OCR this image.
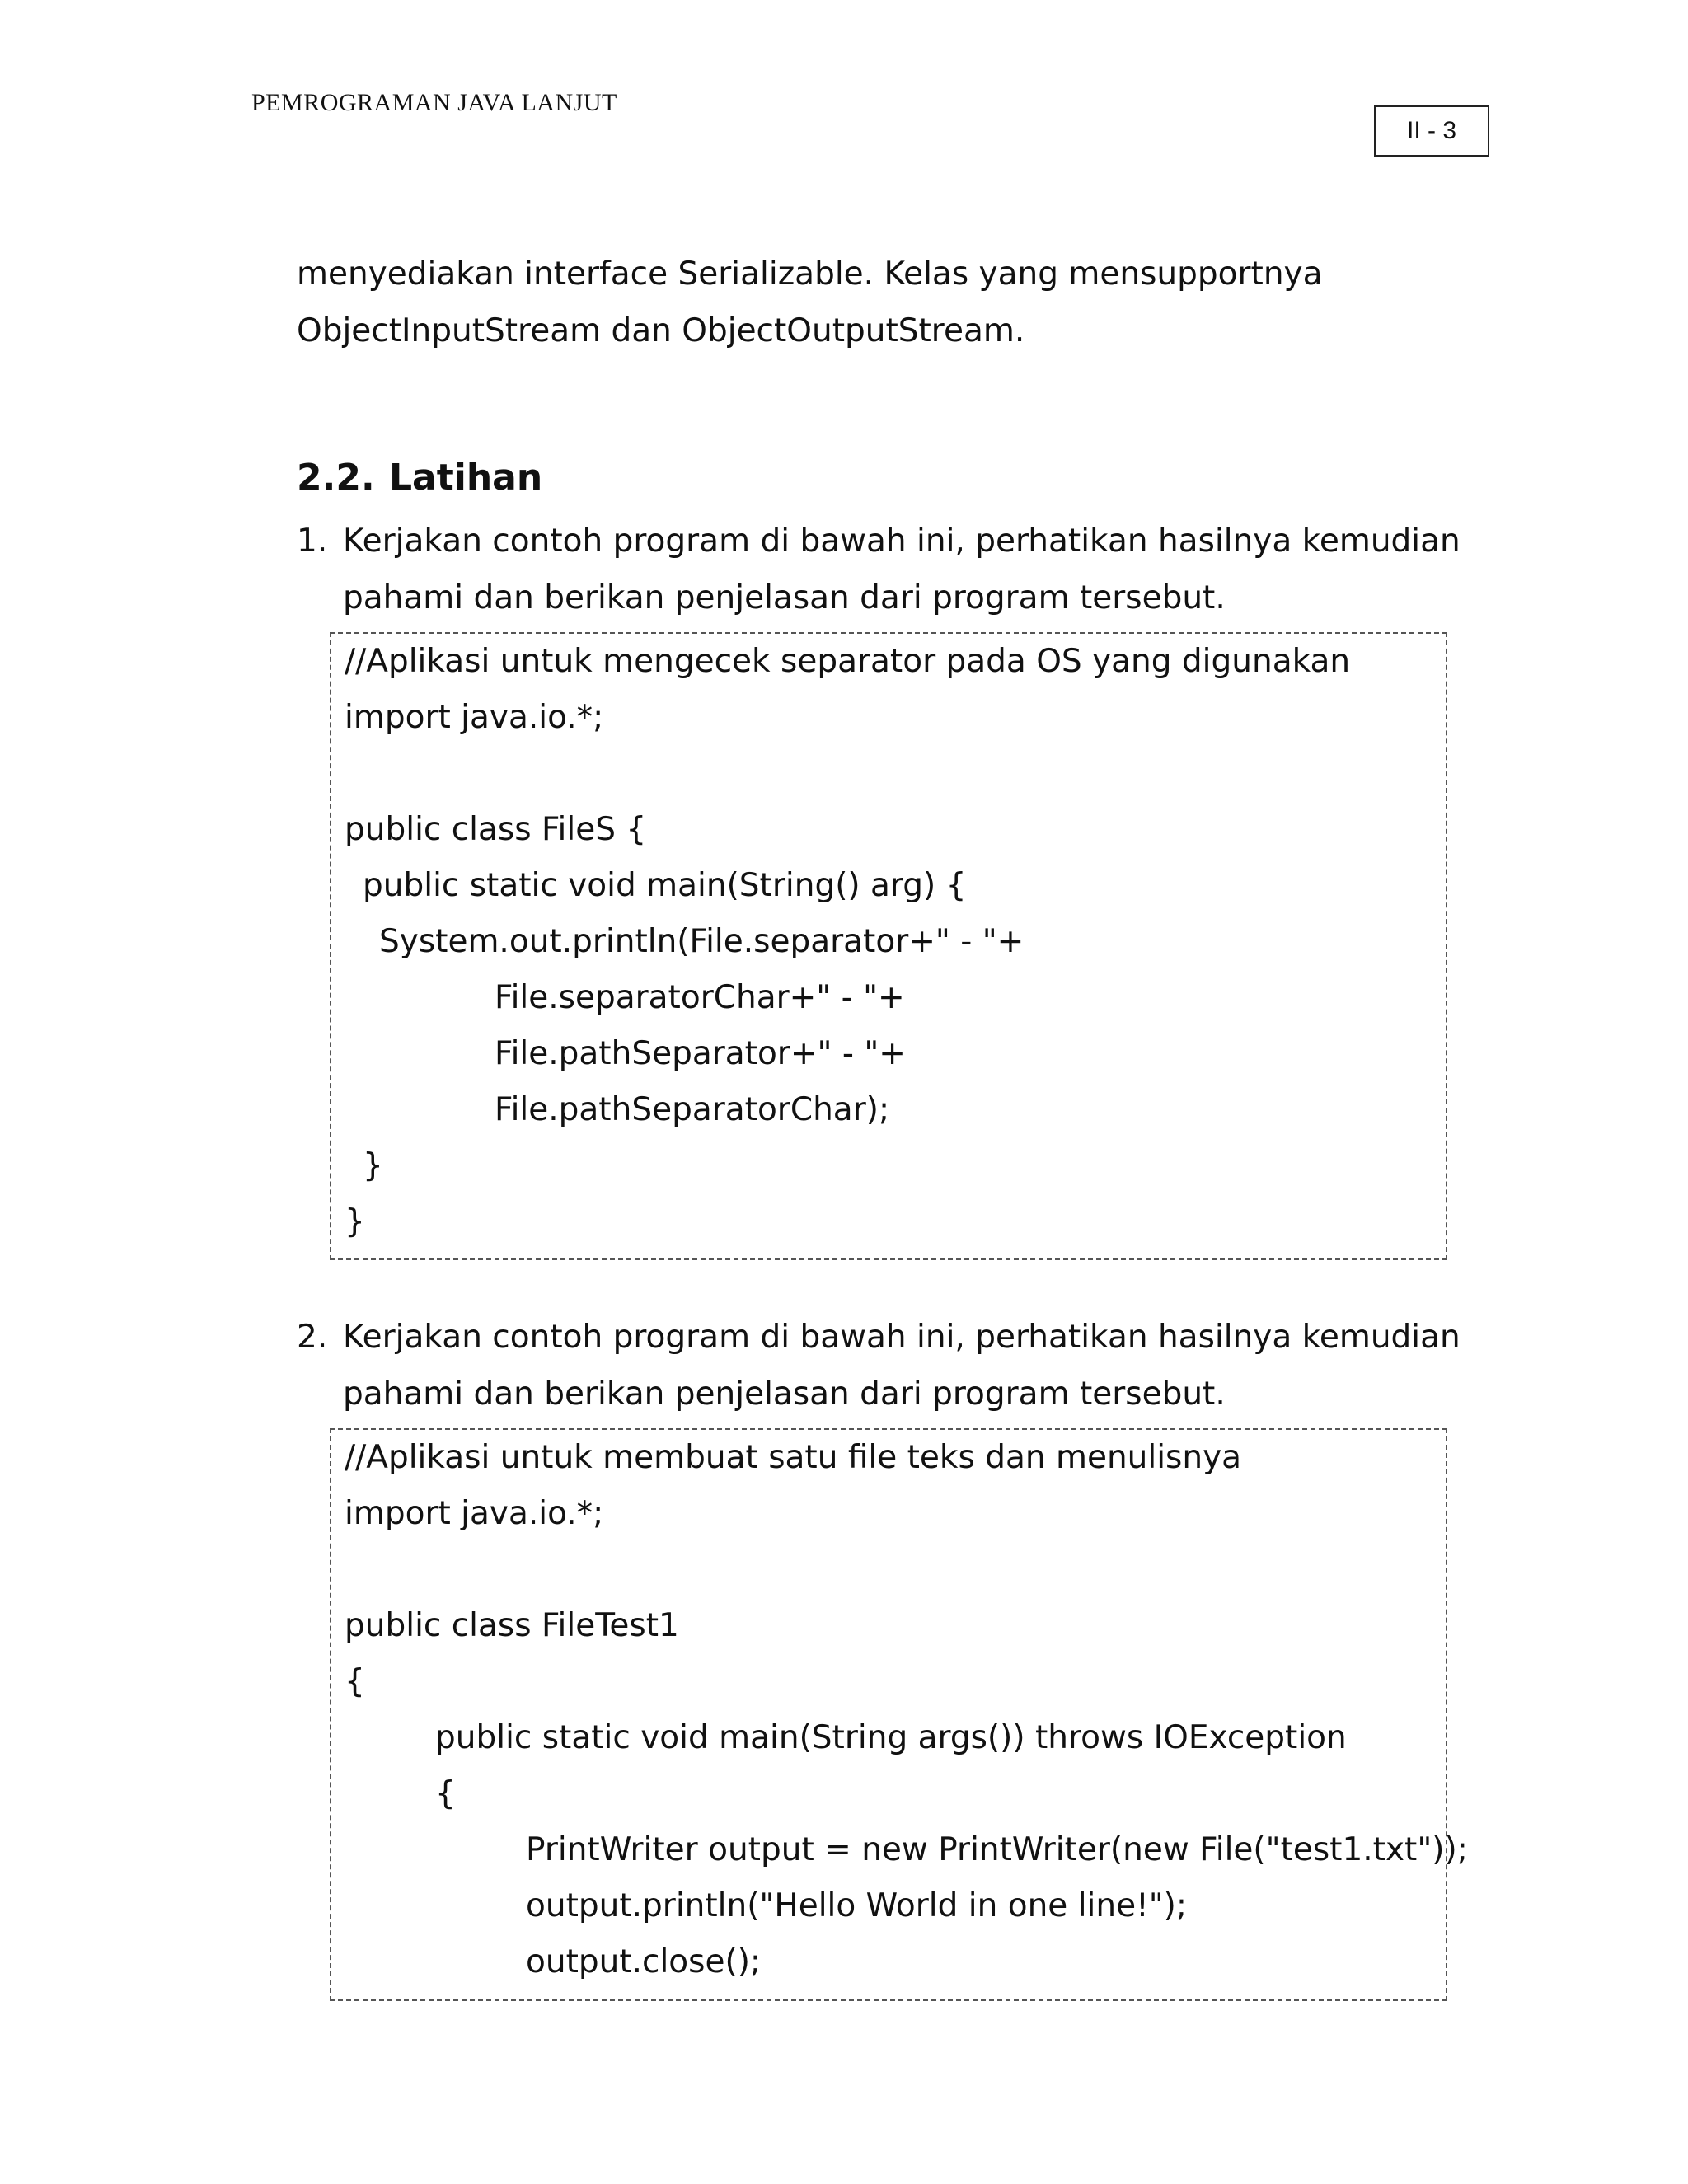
PEMROGRAMAN JAVA LANJUT
II - 3
menyediakan interface Serializable. Kelas yang mensupportnya
ObjectInputStream dan ObjectOutputStream.
2.2. Latihan
1. Kerjakan contoh program di bawah ini, perhatikan hasilnya kemudian
pahami dan berikan penjelasan dari program tersebut.
//Aplikasi untuk mengecek separator pada OS yang digunakan
import java.io.*;
public class FileS {
public static void main(String() arg) {
System.out.println(File.separator+" - "+
File.separatorChar+" - "+
File.pathSeparator+" - "+
File.pathSeparatorChar);
}
}
2. Kerjakan contoh program di bawah ini, perhatikan hasilnya kemudian
pahami dan berikan penjelasan dari program tersebut.
//Aplikasi untuk membuat satu file teks dan menulisnya
import java.io.*;
public class FileTest1
{
public static void main(String args()) throws IOException
{
PrintWriter output = new PrintWriter(new File("test1.txt"));
output.println("Hello World in one line!");
output.close();
